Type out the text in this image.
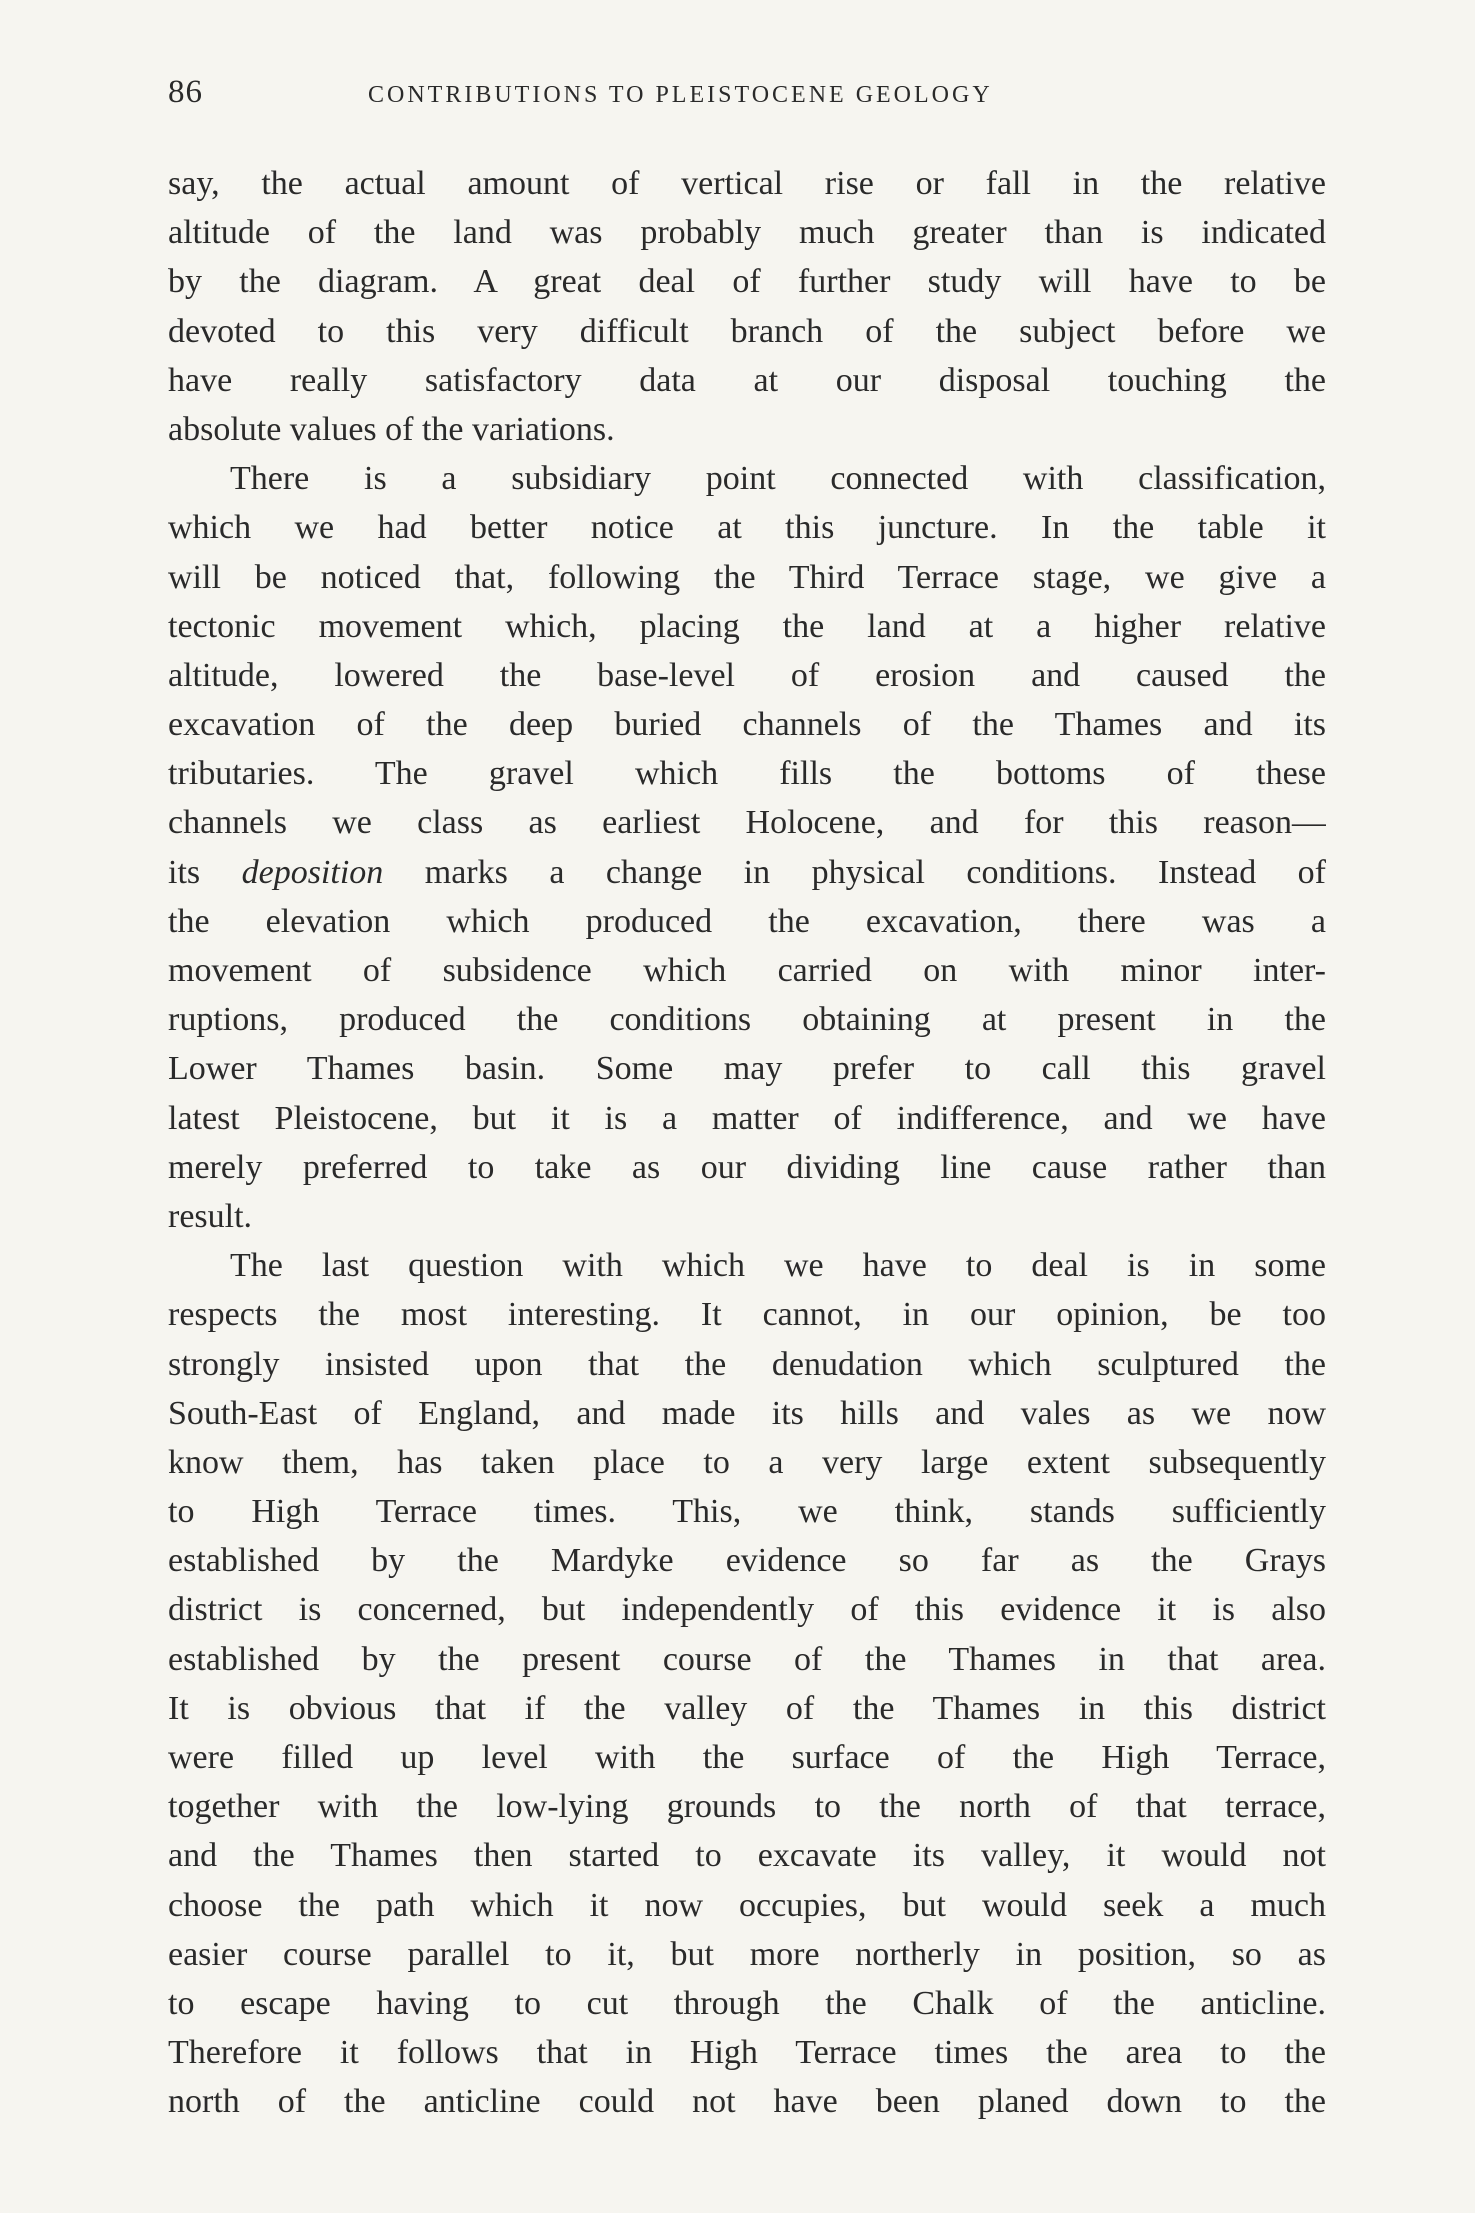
86	CONTRIBUTIONS TO PLEISTOCENE GEOLOGY
say, the actual amount of vertical rise or fall in the relative
altitude of the land was probably much greater than is indicated
by the diagram. A great deal of further study will have to be
devoted to this very difficult branch of the subject before we
have really satisfactory data at our disposal touching the
absolute values of the variations.
There is a subsidiary point connected with classification,
which we had better notice at this juncture. In the table it
will be noticed that, following the Third Terrace stage, we give a
tectonic movement which, placing the land at a higher relative
altitude, lowered the base-level of erosion and caused the
excavation of the deep buried channels of the Thames and its
tributaries. The gravel which fills the bottoms of these
channels we class as earliest Holocene, and for this reason—
its deposition marks a change in physical conditions. Instead of
the elevation which produced the excavation, there was a
movement of subsidence which carried on with minor inter-
ruptions, produced the conditions obtaining at present in the
Lower Thames basin. Some may prefer to call this gravel
latest Pleistocene, but it is a matter of indifference, and we have
merely preferred to take as our dividing line cause rather than
result.
The last question with which we have to deal is in some
respects the most interesting. It cannot, in our opinion, be too
strongly insisted upon that the denudation which sculptured the
South-East of England, and made its hills and vales as we now
know them, has taken place to a very large extent subsequently
to High Terrace times. This, we think, stands sufficiently
established by the Mardyke evidence so far as the Grays
district is concerned, but independently of this evidence it is also
established by the present course of the Thames in that area.
It is obvious that if the valley of the Thames in this district
were filled up level with the surface of the High Terrace,
together with the low-lying grounds to the north of that terrace,
and the Thames then started to excavate its valley, it would not
choose the path which it now occupies, but would seek a much
easier course parallel to it, but more northerly in position, so as
to escape having to cut through the Chalk of the anticline.
Therefore it follows that in High Terrace times the area to the
north of the anticline could not have been planed down to the
